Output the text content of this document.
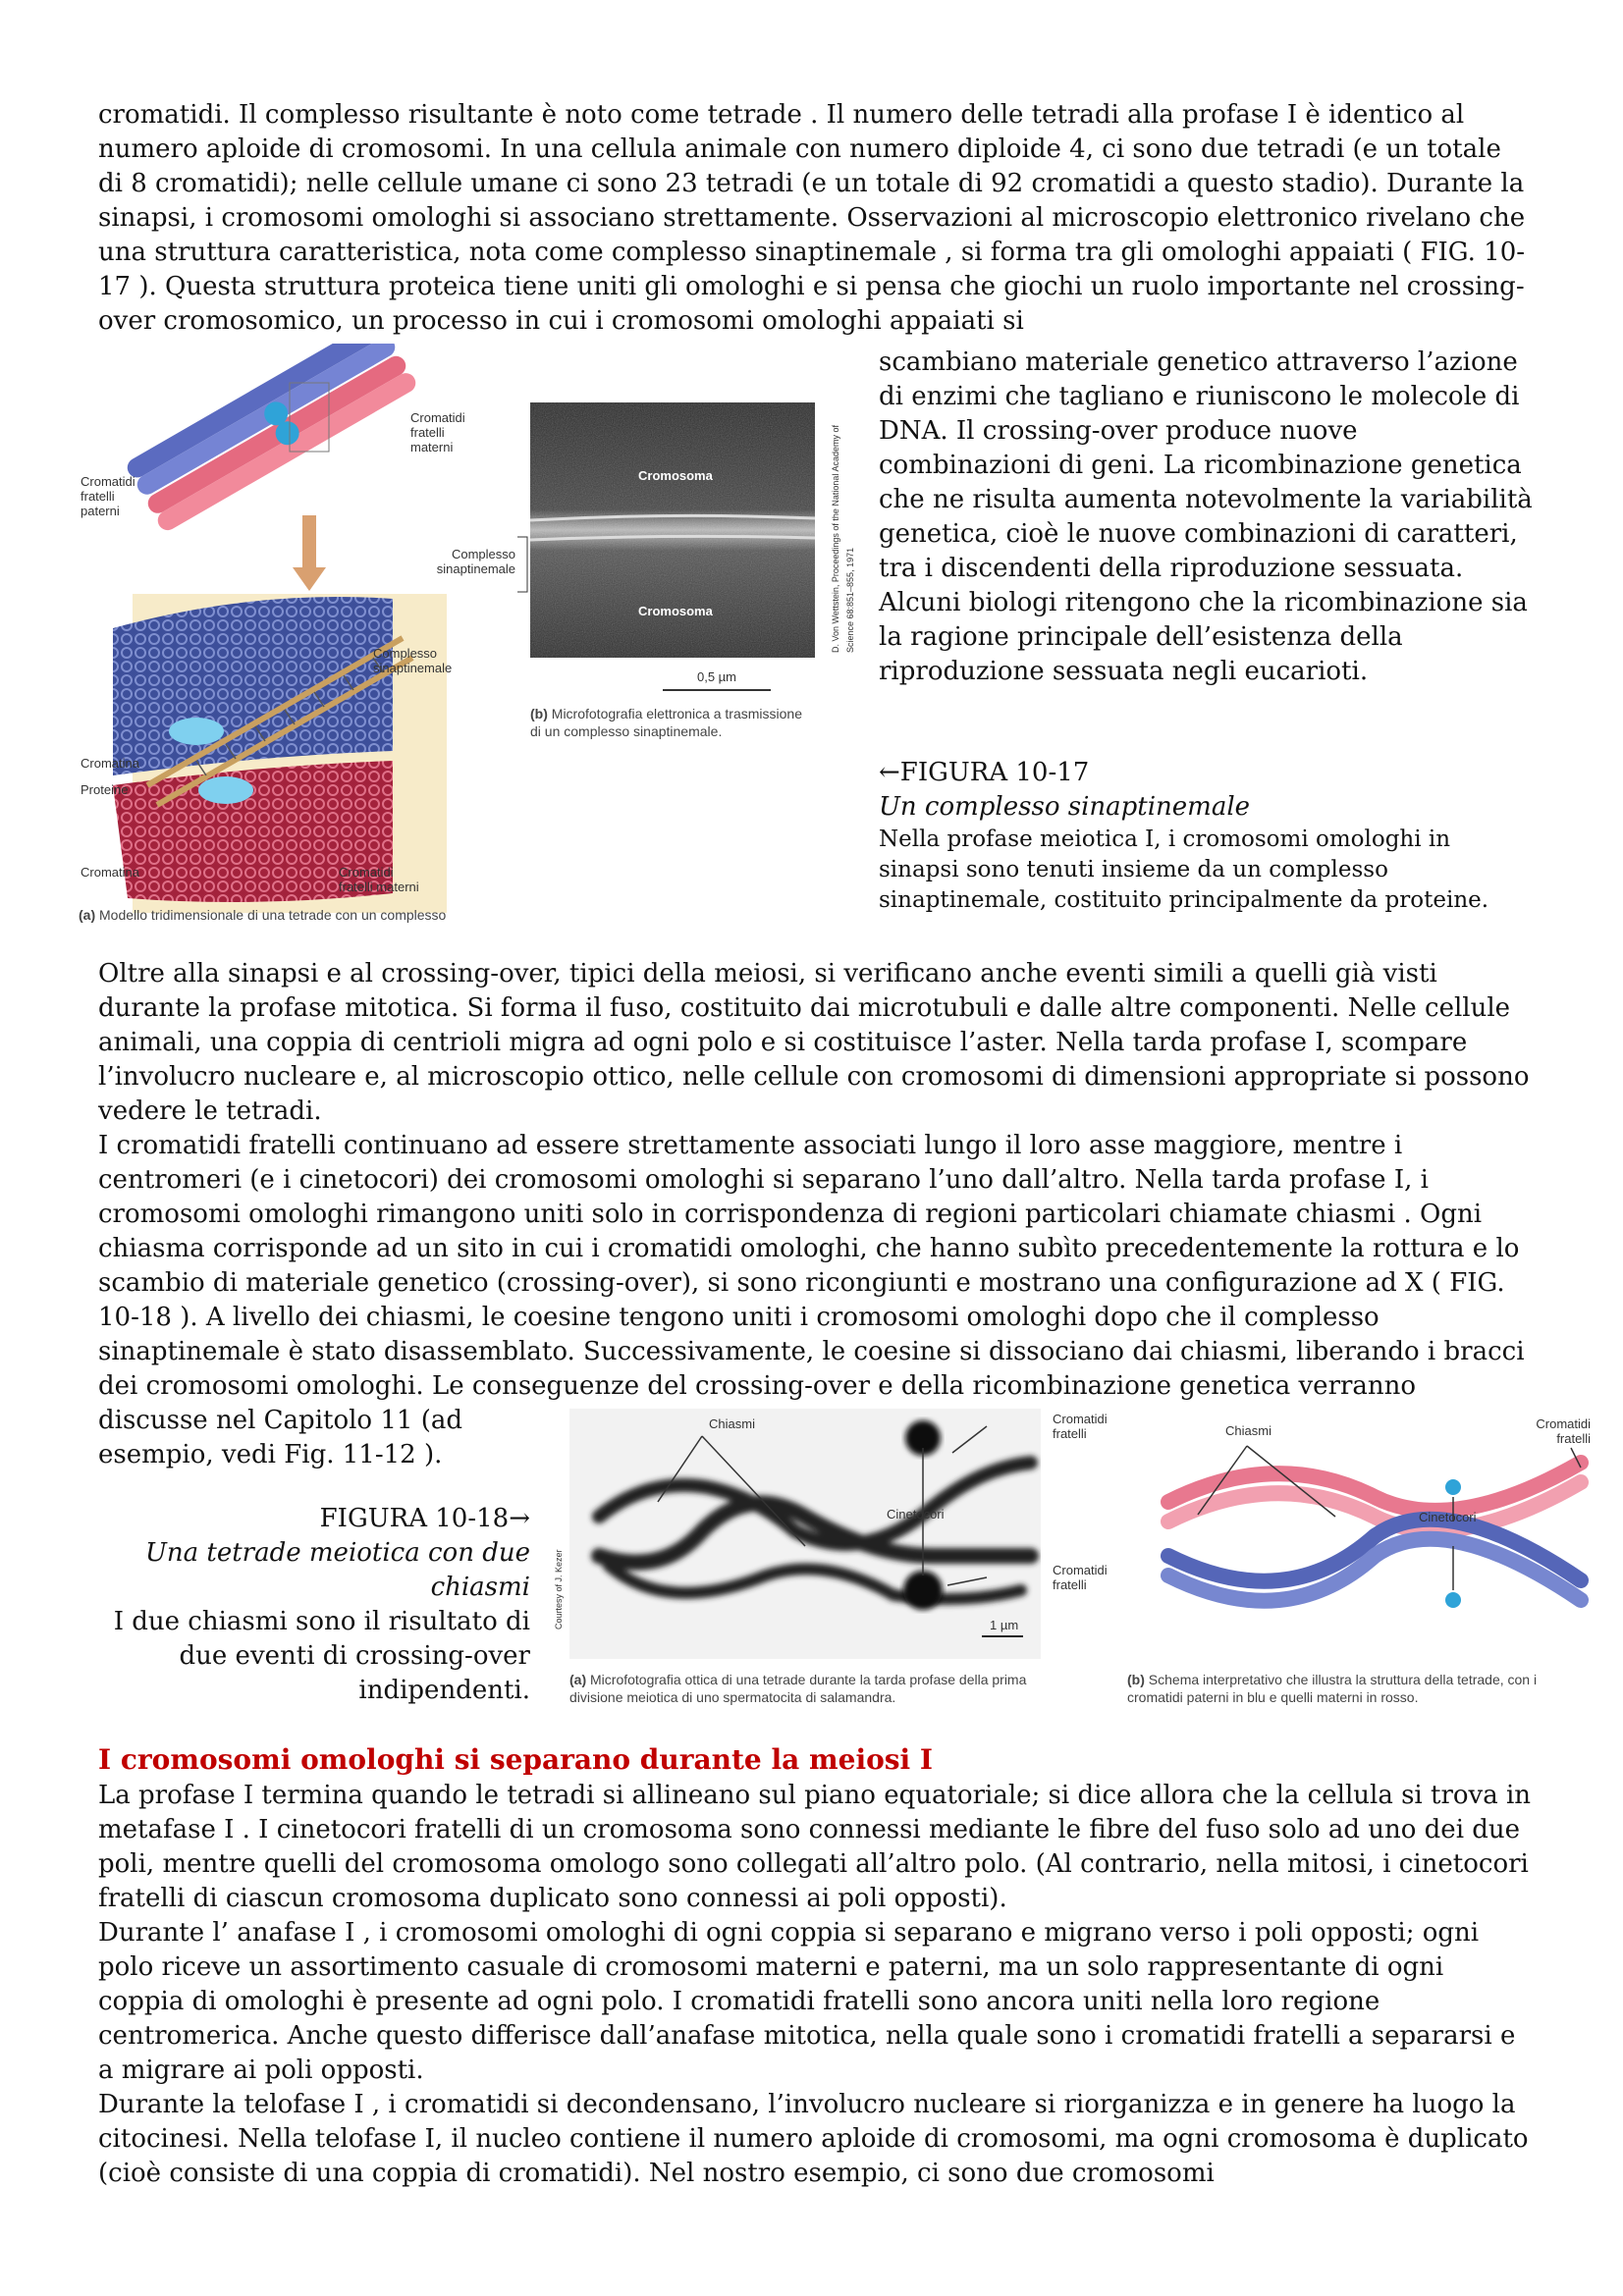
cromatidi. Il complesso risultante è noto come tetrade . Il numero delle tetradi alla profase I è identico al numero aploide di cromosomi. In una cellula animale con numero diploide 4, ci sono due tetradi (e un totale di 8 cromatidi); nelle cellule umane ci sono 23 tetradi (e un totale di 92 cromatidi a questo stadio). Durante la sinapsi, i cromosomi omologhi si associano strettamente. Osservazioni al microscopio elettronico rivelano che una struttura caratteristica, nota come complesso sinaptinemale , si forma tra gli omologhi appaiati ( FIG. 10-17 ). Questa struttura proteica tiene uniti gli omologhi e si pensa che giochi un ruolo importante nel crossing-over cromosomico, un processo in cui i cromosomi omologhi appaiati si

Cromatidi fratelli materni
Cromatidi fratelli paterni
Complesso sinaptinemale
Cromatina
Proteine
Cromatina	Cromatidi fratelli materni
(a) Modello tridimensionale di una tetrade con un complesso
Cromosoma
Cromosoma
Complesso sinaptinemale
0,5 µm
D. Von Wettstein, Proceedings of the National Academy of Science 68:851–855, 1971
(b) Microfotografia elettronica a trasmissione di un complesso sinaptinemale.

scambiano materiale genetico attraverso l’azione di enzimi che tagliano e riuniscono le molecole di DNA. Il crossing-over produce nuove combinazioni di geni. La ricombinazione genetica che ne risulta aumenta notevolmente la variabilità genetica, cioè le nuove combinazioni di caratteri, tra i discendenti della riproduzione sessuata. Alcuni biologi ritengono che la ricombinazione sia la ragione principale dell’esistenza della riproduzione sessuata negli eucarioti.

←FIGURA 10-17

Un complesso sinaptinemale

Nella profase meiotica I, i cromosomi omologhi in sinapsi sono tenuti insieme da un complesso sinaptinemale, costituito principalmente da proteine.

Oltre alla sinapsi e al crossing-over, tipici della meiosi, si verificano anche eventi simili a quelli già visti durante la profase mitotica. Si forma il fuso, costituito dai microtubuli e dalle altre componenti. Nelle cellule animali, una coppia di centrioli migra ad ogni polo e si costituisce l’aster. Nella tarda profase I, scompare l’involucro nucleare e, al microscopio ottico, nelle cellule con cromosomi di dimensioni appropriate si possono vedere le tetradi.

I cromatidi fratelli continuano ad essere strettamente associati lungo il loro asse maggiore, mentre i centromeri (e i cinetocori) dei cromosomi omologhi si separano l’uno dall’altro. Nella tarda profase I, i cromosomi omologhi rimangono uniti solo in corrispondenza di regioni particolari chiamate chiasmi . Ogni chiasma corrisponde ad un sito in cui i cromatidi omologhi, che hanno subìto precedentemente la rottura e lo scambio di materiale genetico (crossing-over), si sono ricongiunti e mostrano una configurazione ad X ( FIG. 10-18 ). A livello dei chiasmi, le coesine tengono uniti i cromosomi omologhi dopo che il complesso sinaptinemale è stato disassemblato. Successivamente, le coesine si dissociano dai chiasmi, liberando i bracci dei cromosomi omologhi. Le conseguenze del crossing-over e della ricombinazione genetica verranno

discusse nel Capitolo 11 (ad esempio, vedi Fig. 11-12 ).

FIGURA 10-18→

Una tetrade meiotica con due chiasmi

I due chiasmi sono il risultato di due eventi di crossing-over indipendenti.

Chiasmi	Cromatidi fratelli
Cinetocori
Cromatidi fratelli
1 µm
Courtesy of J. Kezer
(a) Microfotografia ottica di una tetrade durante la tarda profase della prima divisione meiotica di uno spermatocita di salamandra.
Chiasmi	Cromatidi fratelli
Cinetocori
(b) Schema interpretativo che illustra la struttura della tetrade, con i cromatidi paterni in blu e quelli materni in rosso.
I cromosomi omologhi si separano durante la meiosi I

La profase I termina quando le tetradi si allineano sul piano equatoriale; si dice allora che la cellula si trova in metafase I . I cinetocori fratelli di un cromosoma sono connessi mediante le fibre del fuso solo ad uno dei due poli, mentre quelli del cromosoma omologo sono collegati all’altro polo. (Al contrario, nella mitosi, i cinetocori fratelli di ciascun cromosoma duplicato sono connessi ai poli opposti).

Durante l’ anafase I , i cromosomi omologhi di ogni coppia si separano e migrano verso i poli opposti; ogni polo riceve un assortimento casuale di cromosomi materni e paterni, ma un solo rappresentante di ogni coppia di omologhi è presente ad ogni polo. I cromatidi fratelli sono ancora uniti nella loro regione centromerica. Anche questo differisce dall’anafase mitotica, nella quale sono i cromatidi fratelli a separarsi e a migrare ai poli opposti.

Durante la telofase I , i cromatidi si decondensano, l’involucro nucleare si riorganizza e in genere ha luogo la citocinesi. Nella telofase I, il nucleo contiene il numero aploide di cromosomi, ma ogni cromosoma è duplicato (cioè consiste di una coppia di cromatidi). Nel nostro esempio, ci sono due cromosomi
